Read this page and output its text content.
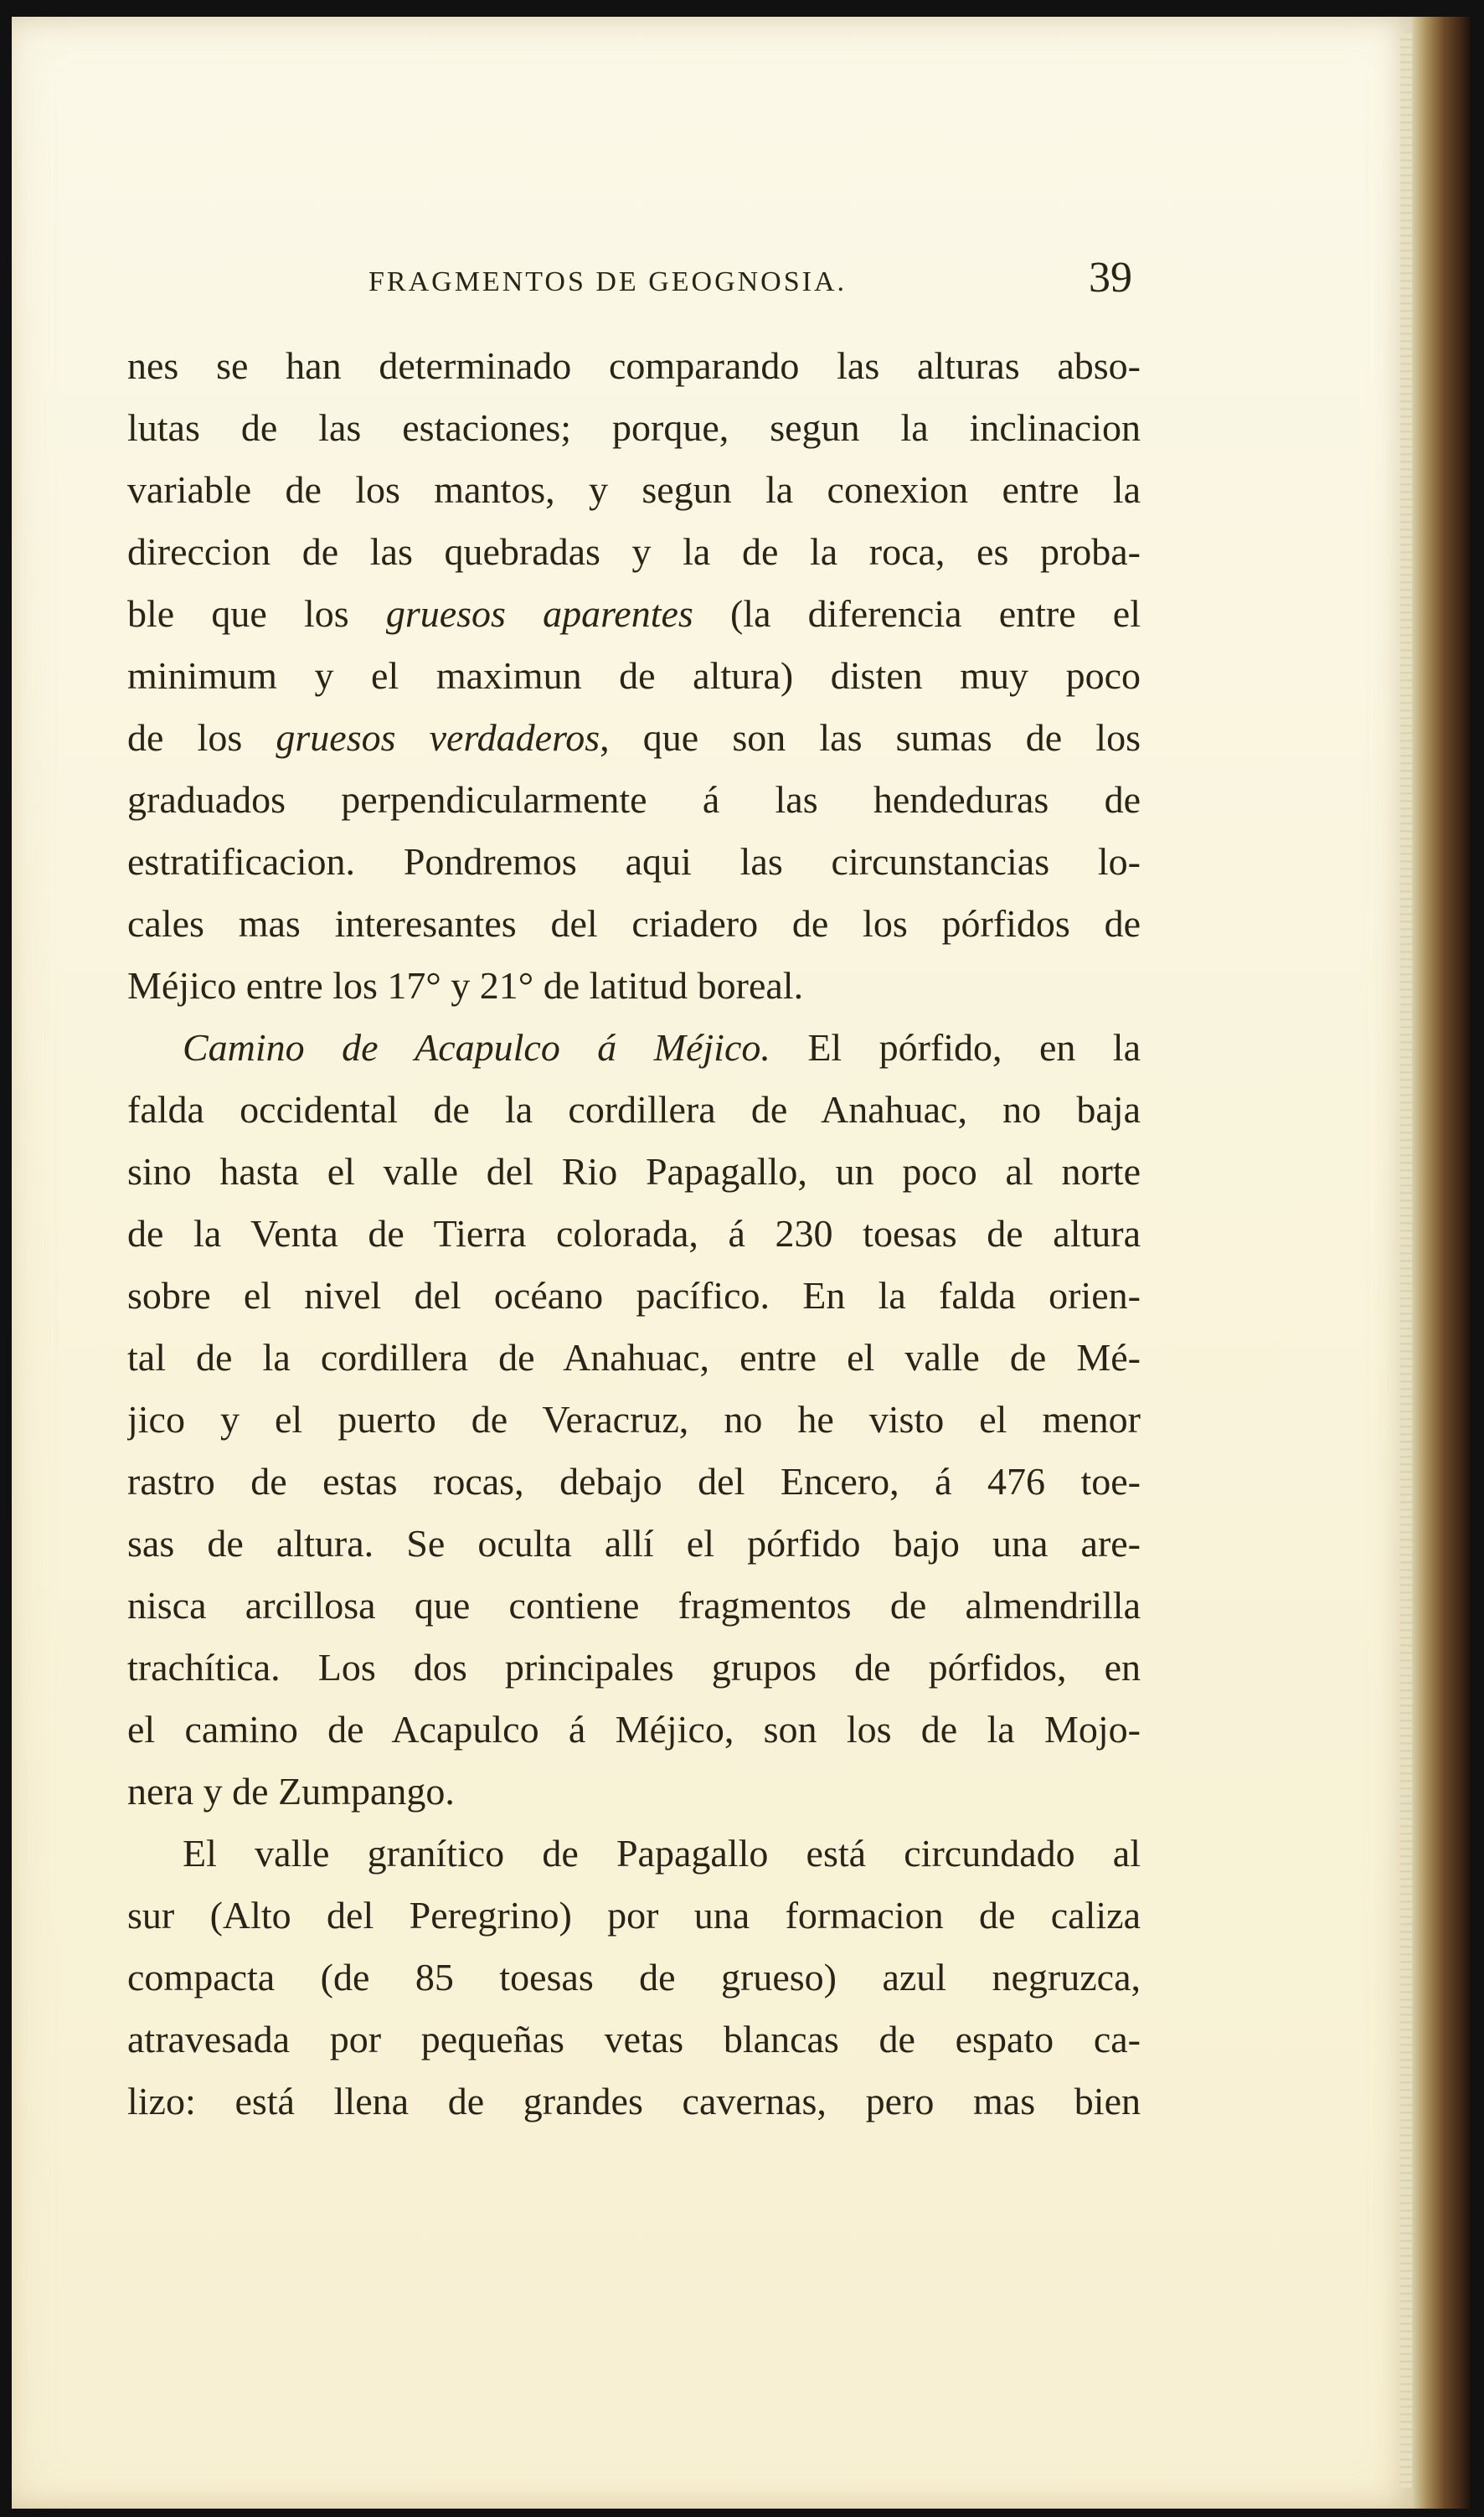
FRAGMENTOS DE GEOGNOSIA.	39
nes se han determinado comparando las alturas abso-
lutas de las estaciones; porque, segun la inclinacion
variable de los mantos, y segun la conexion entre la
direccion de las quebradas y la de la roca, es proba-
ble que los gruesos aparentes (la diferencia entre el
minimum y el maximun de altura) disten muy poco
de los gruesos verdaderos, que son las sumas de los
graduados perpendicularmente á las hendeduras de
estratificacion. Pondremos aqui las circunstancias lo-
cales mas interesantes del criadero de los pórfidos de
Méjico entre los 17° y 21° de latitud boreal.
Camino de Acapulco á Méjico. El pórfido, en la
falda occidental de la cordillera de Anahuac, no baja
sino hasta el valle del Rio Papagallo, un poco al norte
de la Venta de Tierra colorada, á 230 toesas de altura
sobre el nivel del océano pacífico. En la falda orien-
tal de la cordillera de Anahuac, entre el valle de Mé-
jico y el puerto de Veracruz, no he visto el menor
rastro de estas rocas, debajo del Encero, á 476 toe-
sas de altura. Se oculta allí el pórfido bajo una are-
nisca arcillosa que contiene fragmentos de almendrilla
trachítica. Los dos principales grupos de pórfidos, en
el camino de Acapulco á Méjico, son los de la Mojo-
nera y de Zumpango.
El valle granítico de Papagallo está circundado al
sur (Alto del Peregrino) por una formacion de caliza
compacta (de 85 toesas de grueso) azul negruzca,
atravesada por pequeñas vetas blancas de espato ca-
lizo: está llena de grandes cavernas, pero mas bien
